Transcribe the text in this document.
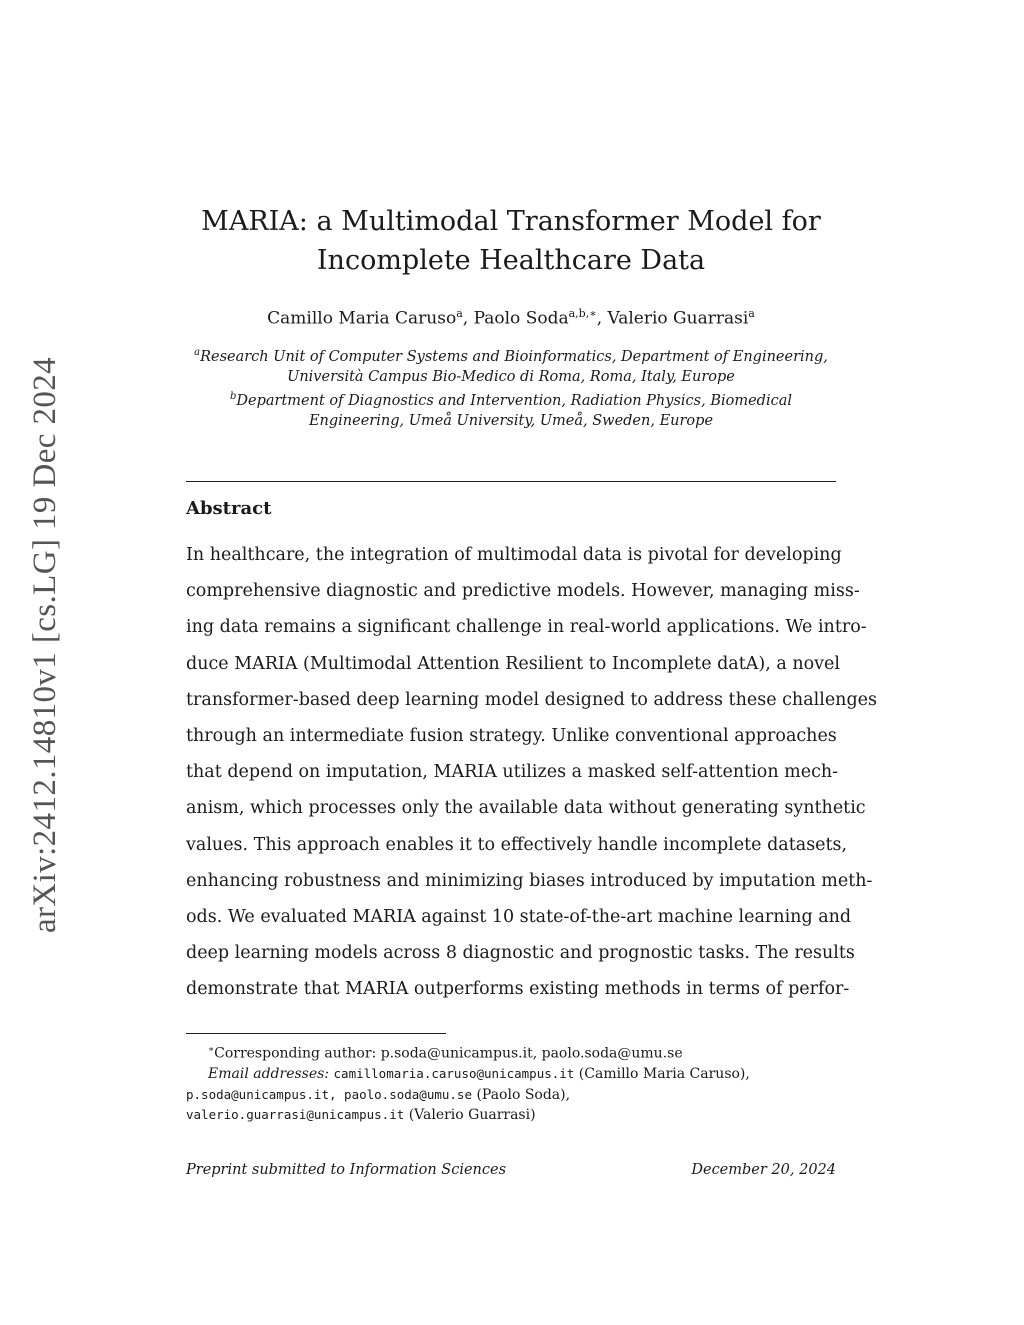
arXiv:2412.14810v1 [cs.LG] 19 Dec 2024
MARIA: a Multimodal Transformer Model for
Incomplete Healthcare Data
Camillo Maria Caruso$^a$, Paolo Soda$^{a,b,∗}$, Valerio Guarrasi$^a$
$^a$Research Unit of Computer Systems and Bioinformatics, Department of Engineering,
Università Campus Bio-Medico di Roma, Roma, Italy, Europe
$^b$Department of Diagnostics and Intervention, Radiation Physics, Biomedical
Engineering, Umeå University, Umeå, Sweden, Europe
Abstract
In healthcare, the integration of multimodal data is pivotal for developing
comprehensive diagnostic and predictive models. However, managing miss-
ing data remains a significant challenge in real-world applications. We intro-
duce MARIA (Multimodal Attention Resilient to Incomplete datA), a novel
transformer-based deep learning model designed to address these challenges
through an intermediate fusion strategy. Unlike conventional approaches
that depend on imputation, MARIA utilizes a masked self-attention mech-
anism, which processes only the available data without generating synthetic
values. This approach enables it to effectively handle incomplete datasets,
enhancing robustness and minimizing biases introduced by imputation meth-
ods. We evaluated MARIA against 10 state-of-the-art machine learning and
deep learning models across 8 diagnostic and prognostic tasks. The results
demonstrate that MARIA outperforms existing methods in terms of perfor-
∗Corresponding author: p.soda@unicampus.it, paolo.soda@umu.se
Email addresses: camillomaria.caruso@unicampus.it (Camillo Maria Caruso),
p.soda@unicampus.it, paolo.soda@umu.se (Paolo Soda),
valerio.guarrasi@unicampus.it (Valerio Guarrasi)
Preprint submitted to Information Sciences	December 20, 2024
